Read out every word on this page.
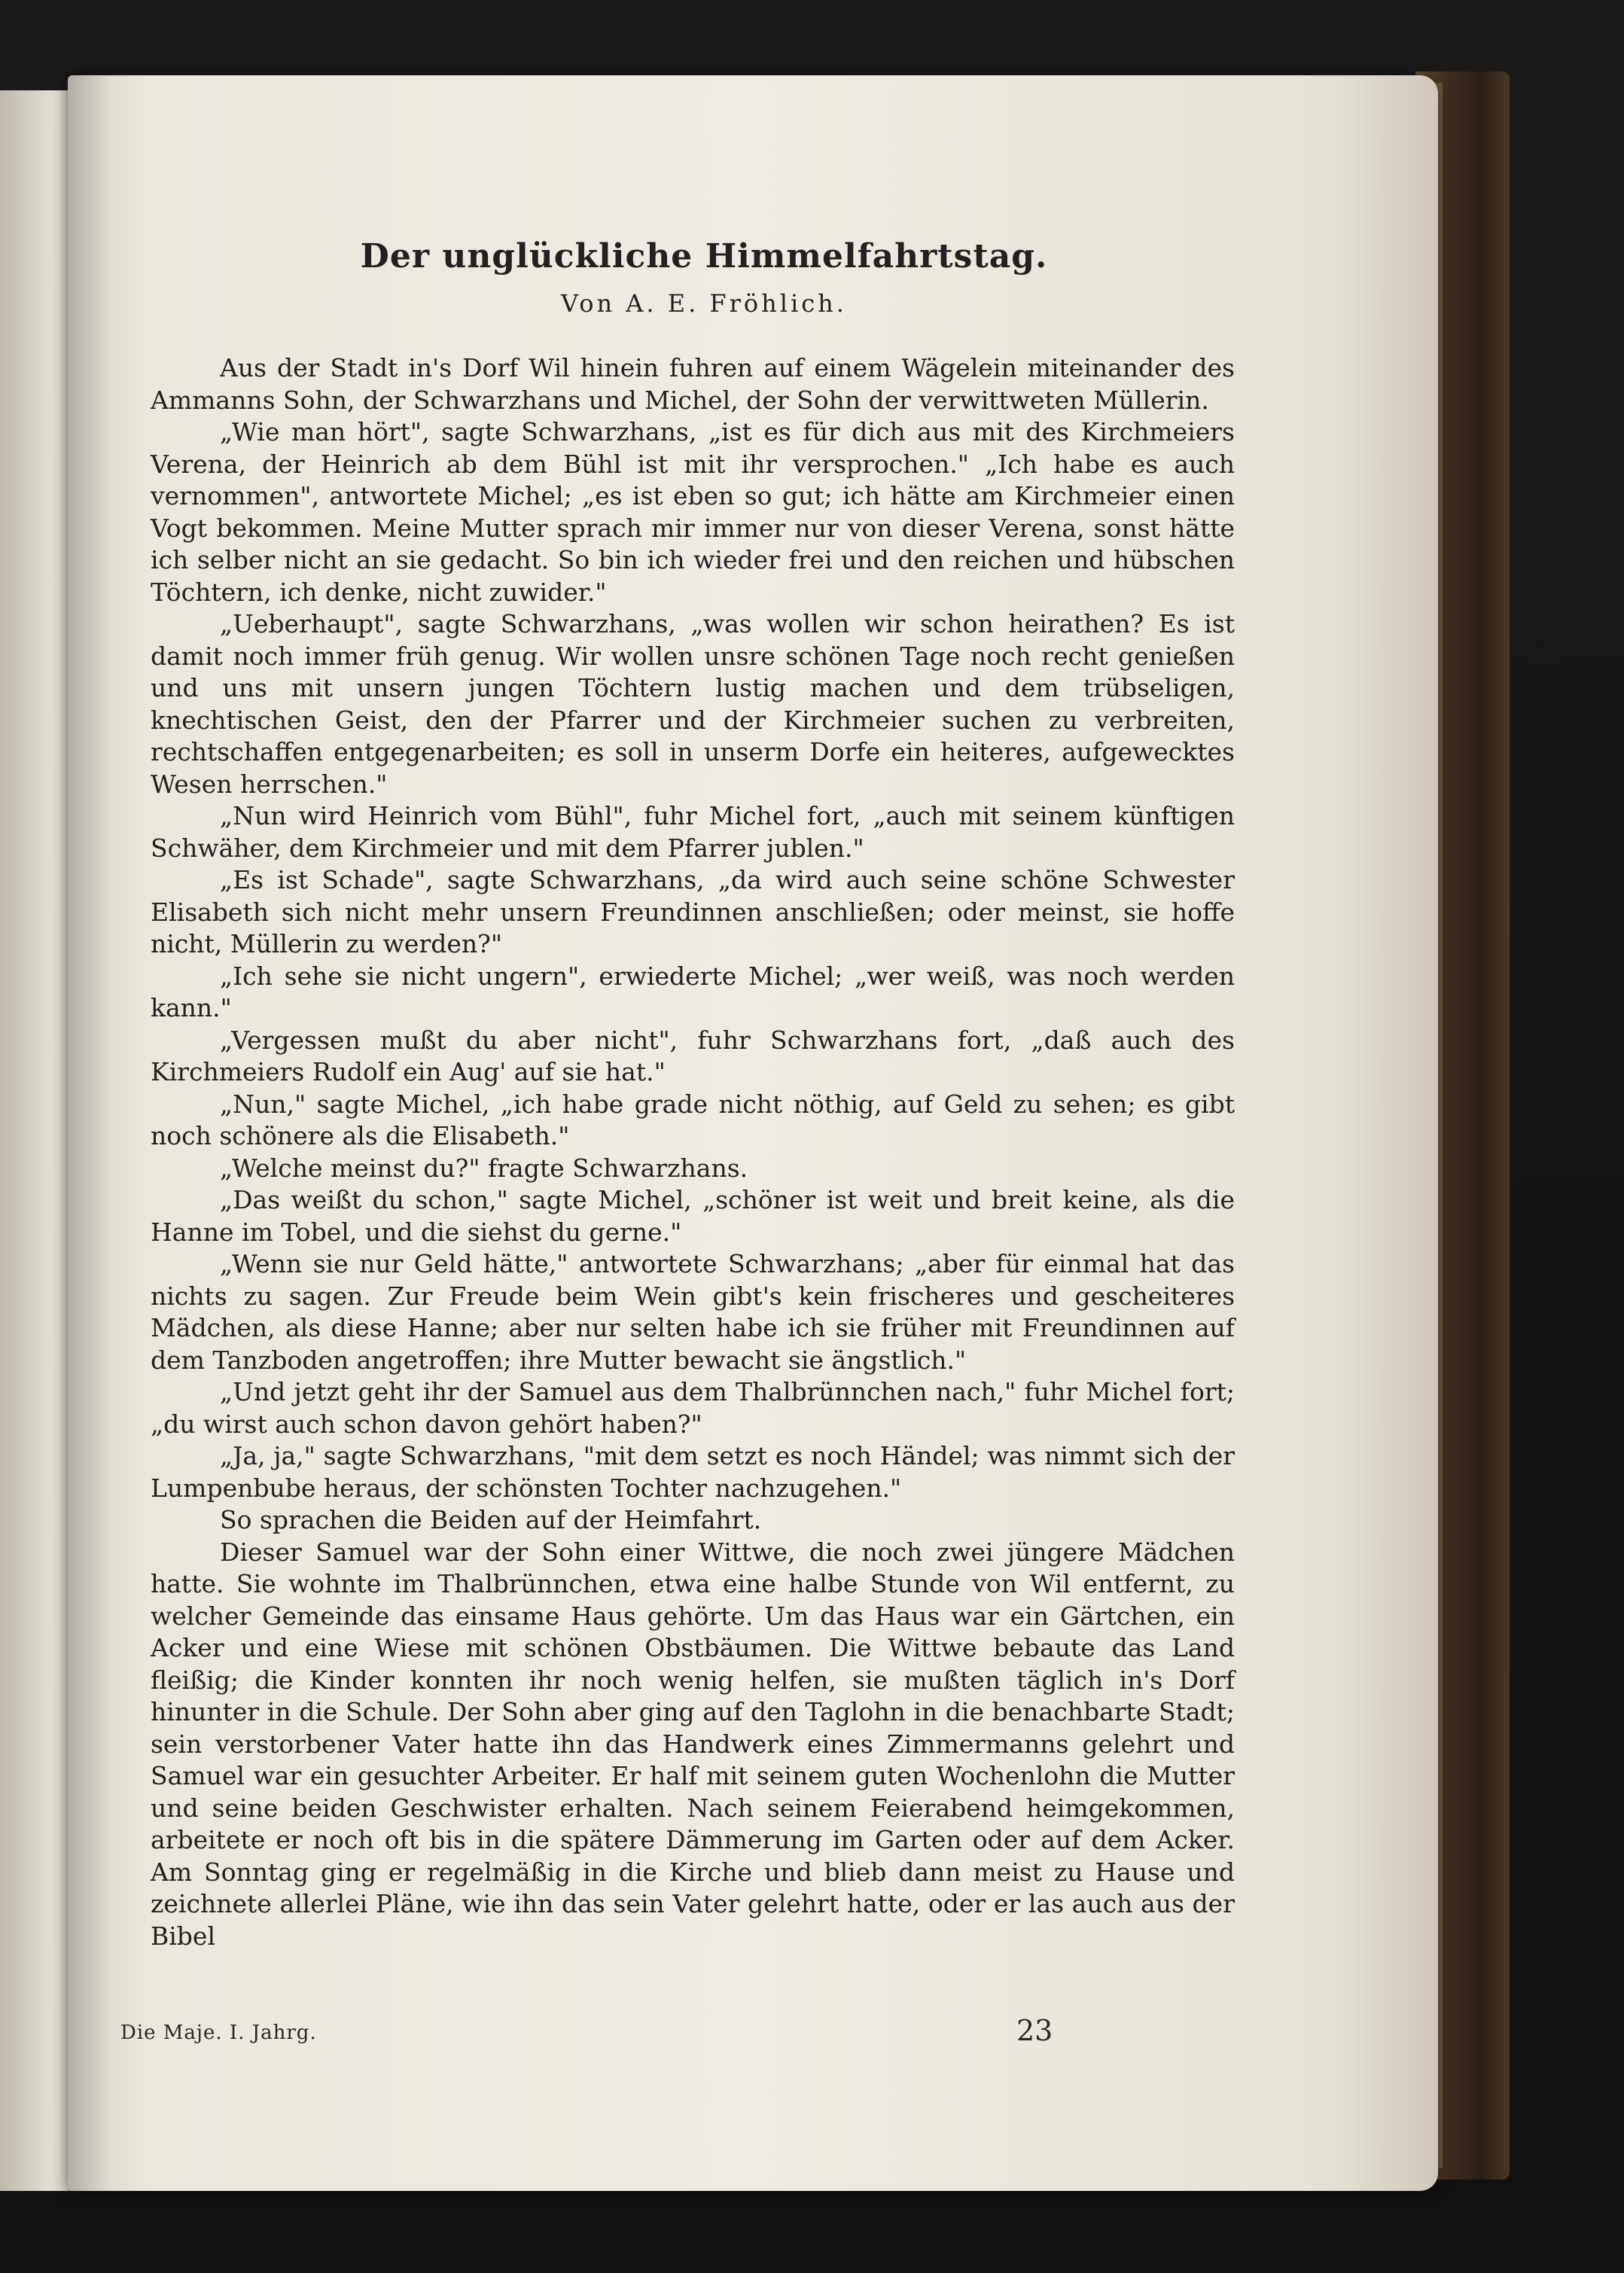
Der unglückliche Himmelfahrtstag.
Von A. E. Fröhlich.

Aus der Stadt in's Dorf Wil hinein fuhren auf einem Wägelein miteinander des Ammanns Sohn, der Schwarzhans und Michel, der Sohn der verwittweten Müllerin.

„Wie man hört", sagte Schwarzhans, „ist es für dich aus mit des Kirchmeiers Verena, der Heinrich ab dem Bühl ist mit ihr versprochen." „Ich habe es auch vernommen", antwortete Michel; „es ist eben so gut; ich hätte am Kirchmeier einen Vogt bekommen. Meine Mutter sprach mir immer nur von dieser Verena, sonst hätte ich selber nicht an sie gedacht. So bin ich wieder frei und den reichen und hübschen Töchtern, ich denke, nicht zuwider."

„Ueberhaupt", sagte Schwarzhans, „was wollen wir schon heirathen? Es ist damit noch immer früh genug. Wir wollen unsre schönen Tage noch recht genießen und uns mit unsern jungen Töchtern lustig machen und dem trübseligen, knechtischen Geist, den der Pfarrer und der Kirchmeier suchen zu verbreiten, rechtschaffen entgegenarbeiten; es soll in unserm Dorfe ein heiteres, aufgewecktes Wesen herrschen."

„Nun wird Heinrich vom Bühl", fuhr Michel fort, „auch mit seinem künftigen Schwäher, dem Kirchmeier und mit dem Pfarrer jublen."

„Es ist Schade", sagte Schwarzhans, „da wird auch seine schöne Schwester Elisabeth sich nicht mehr unsern Freundinnen anschließen; oder meinst, sie hoffe nicht, Müllerin zu werden?"

„Ich sehe sie nicht ungern", erwiederte Michel; „wer weiß, was noch werden kann."

„Vergessen mußt du aber nicht", fuhr Schwarzhans fort, „daß auch des Kirchmeiers Rudolf ein Aug' auf sie hat."

„Nun," sagte Michel, „ich habe grade nicht nöthig, auf Geld zu sehen; es gibt noch schönere als die Elisabeth."

„Welche meinst du?" fragte Schwarzhans.

„Das weißt du schon," sagte Michel, „schöner ist weit und breit keine, als die Hanne im Tobel, und die siehst du gerne."

„Wenn sie nur Geld hätte," antwortete Schwarzhans; „aber für einmal hat das nichts zu sagen. Zur Freude beim Wein gibt's kein frischeres und gescheiteres Mädchen, als diese Hanne; aber nur selten habe ich sie früher mit Freundinnen auf dem Tanzboden angetroffen; ihre Mutter bewacht sie ängstlich."

„Und jetzt geht ihr der Samuel aus dem Thalbrünnchen nach," fuhr Michel fort; „du wirst auch schon davon gehört haben?"

„Ja, ja," sagte Schwarzhans, "mit dem setzt es noch Händel; was nimmt sich der Lumpenbube heraus, der schönsten Tochter nachzugehen."

So sprachen die Beiden auf der Heimfahrt.

Dieser Samuel war der Sohn einer Wittwe, die noch zwei jüngere Mädchen hatte. Sie wohnte im Thalbrünnchen, etwa eine halbe Stunde von Wil entfernt, zu welcher Gemeinde das einsame Haus gehörte. Um das Haus war ein Gärtchen, ein Acker und eine Wiese mit schönen Obstbäumen. Die Wittwe bebaute das Land fleißig; die Kinder konnten ihr noch wenig helfen, sie mußten täglich in's Dorf hinunter in die Schule. Der Sohn aber ging auf den Taglohn in die benachbarte Stadt; sein verstorbener Vater hatte ihn das Handwerk eines Zimmermanns gelehrt und Samuel war ein gesuchter Arbeiter. Er half mit seinem guten Wochenlohn die Mutter und seine beiden Geschwister erhalten. Nach seinem Feierabend heimgekommen, arbeitete er noch oft bis in die spätere Dämmerung im Garten oder auf dem Acker. Am Sonntag ging er regelmäßig in die Kirche und blieb dann meist zu Hause und zeichnete allerlei Pläne, wie ihn das sein Vater gelehrt hatte, oder er las auch aus der Bibel

Die Maje. I. Jahrg.	23
